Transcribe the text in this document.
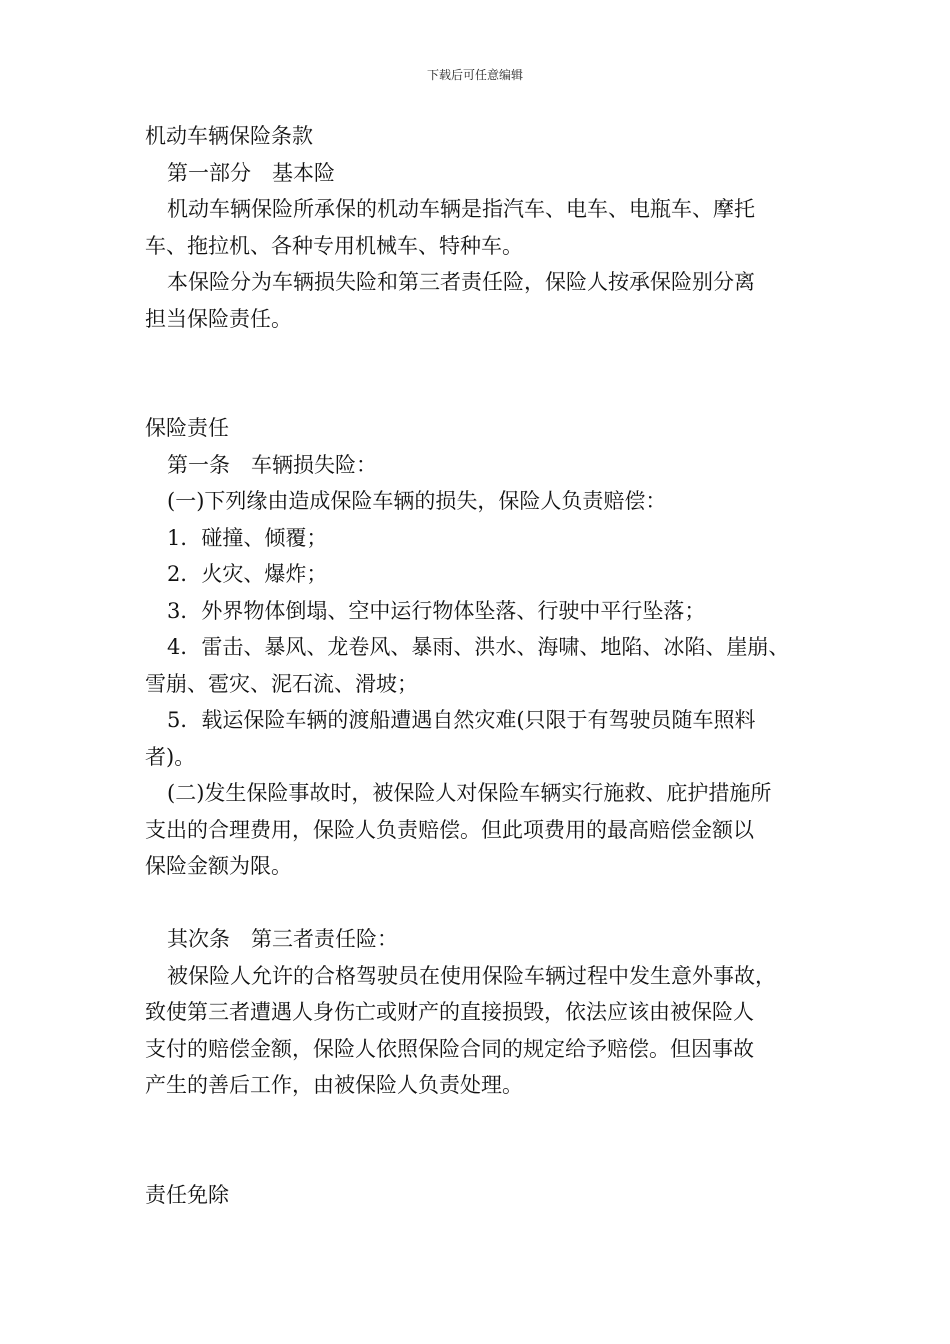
下载后可任意编辑
机动车辆保险条款
第一部分　基本险
机动车辆保险所承保的机动车辆是指汽车、电车、电瓶车、摩托
车、拖拉机、各种专用机械车、特种车。
本保险分为车辆损失险和第三者责任险，保险人按承保险别分离
担当保险责任。
保险责任
第一条　车辆损失险：
(一)下列缘由造成保险车辆的损失，保险人负责赔偿：
1．碰撞、倾覆；
2．火灾、爆炸；
3．外界物体倒塌、空中运行物体坠落、行驶中平行坠落；
4．雷击、暴风、龙卷风、暴雨、洪水、海啸、地陷、冰陷、崖崩、
雪崩、雹灾、泥石流、滑坡；
5．载运保险车辆的渡船遭遇自然灾难(只限于有驾驶员随车照料
者)。
(二)发生保险事故时，被保险人对保险车辆实行施救、庇护措施所
支出的合理费用，保险人负责赔偿。但此项费用的最高赔偿金额以
保险金额为限。
其次条　第三者责任险：
被保险人允许的合格驾驶员在使用保险车辆过程中发生意外事故，
致使第三者遭遇人身伤亡或财产的直接损毁，依法应该由被保险人
支付的赔偿金额，保险人依照保险合同的规定给予赔偿。但因事故
产生的善后工作，由被保险人负责处理。
责任免除
